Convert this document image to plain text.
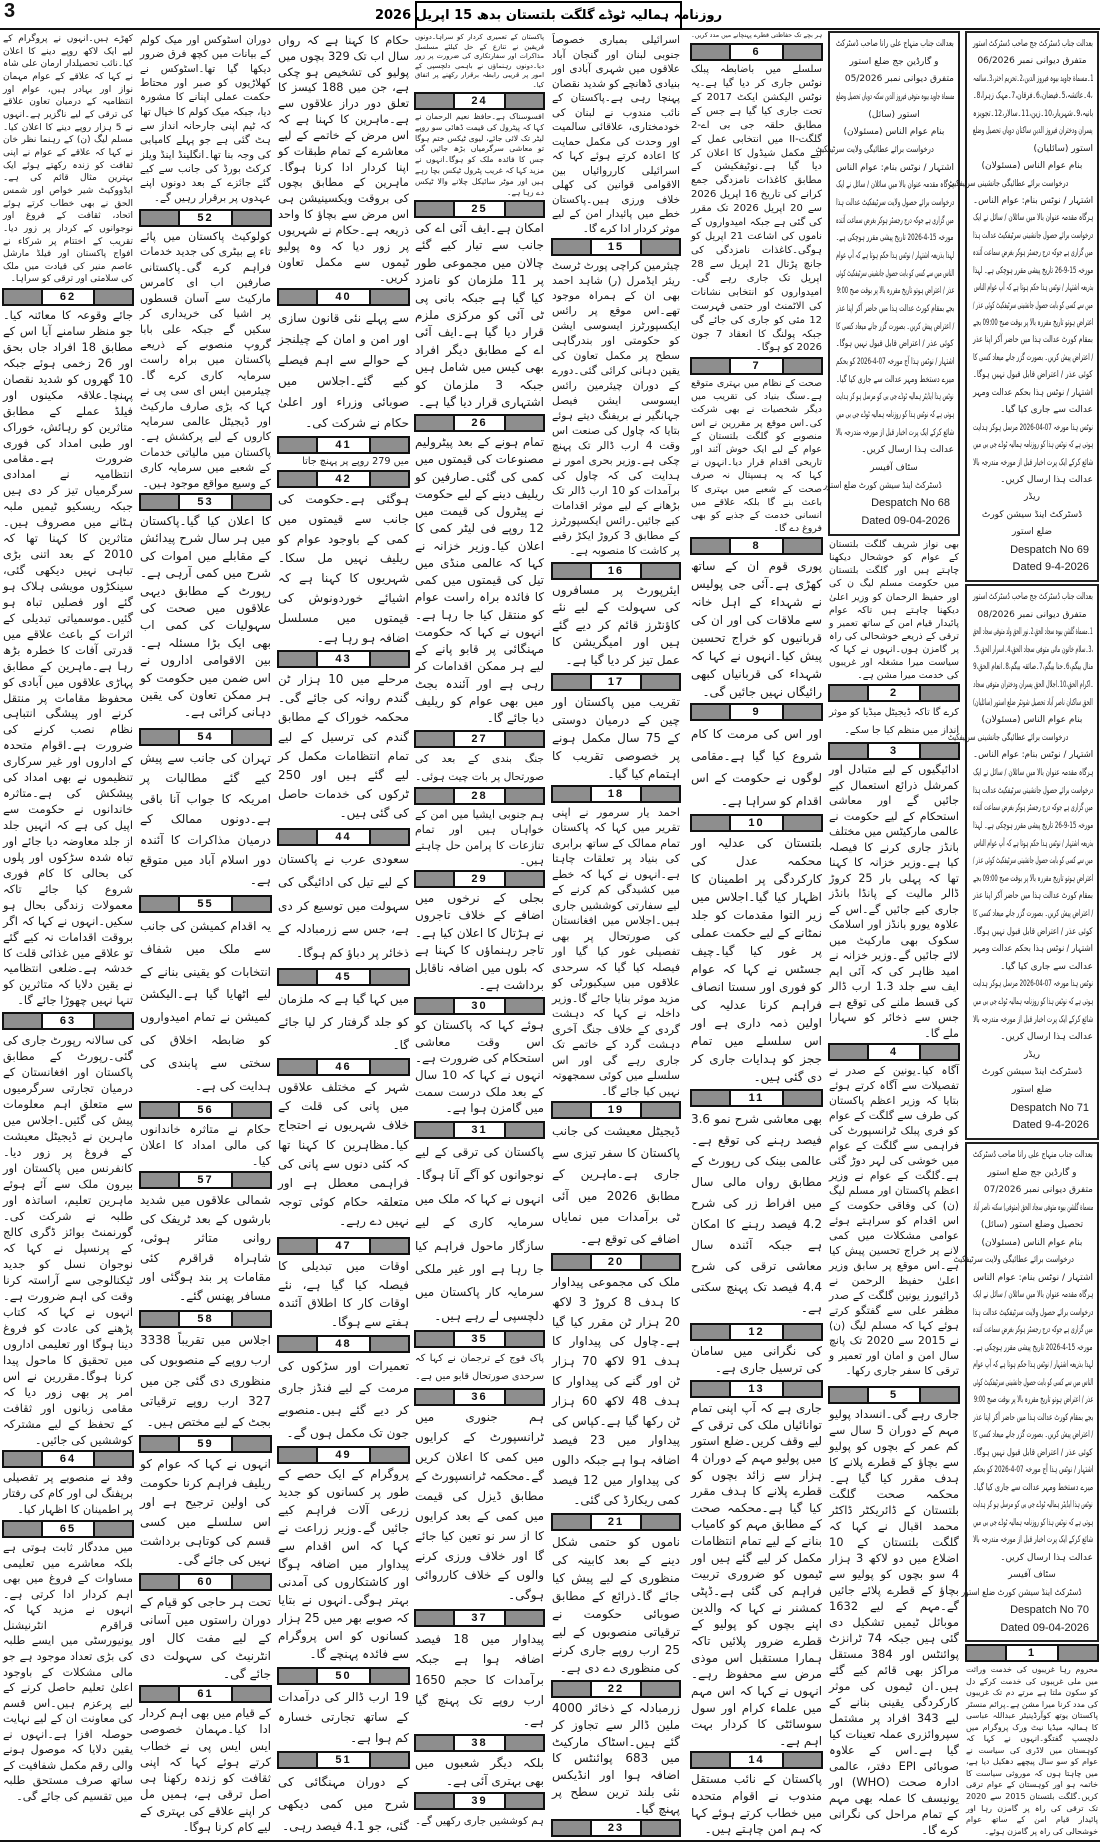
3	روزنامہ ہمالیہ ٹوڈے گلگت بلتستان بدھ 15 اپریل 2026

کھڑے ہیں۔انہوں نے پروگرام کے لیے ایک لاکھ روپے دینے کا اعلان کیا۔نائب تحصیلدار ارمان علی شاہ نے کہا کہ علاقے کے عوام مہمان نواز اور بہادر ہیں، عوام اور انتظامیہ کے درمیان تعاون علاقے کی ترقی کے لیے ناگزیر ہے۔انہوں نے 5 ہزار روپے دینے کا اعلان کیا۔مسلم لیگ (ن) کے رہنما نظر خان نے کہا کہ علاقے کے عوام نے اپنی ثقافت کو زندہ رکھتے ہوئے ایک بہترین مثال قائم کی ہے۔ایڈووکیٹ شیر خواص اور شمس الحق نے بھی خطاب کرتے ہوئے اتحاد، ثقافت کے فروغ اور نوجوانوں کے کردار پر زور دیا۔تقریب کے اختتام پر شرکاء نے افواج پاکستان اور فیلڈ مارشل عاصم منیر کی قیادت میں ملک کی سلامتی اور ترقی کو سراہا۔

62

جائے وقوعہ کا معائنہ کیا۔جو منظر سامنے آیا اس کے مطابق 18 افراد جاں بحق اور 26 زخمی ہوئے جبکہ 10 گھروں کو شدید نقصان پہنچا۔علاقہ مکینوں اور فیلڈ عملے کے مطابق متاثرین کو رہائش، خوراک اور طبی امداد کی فوری ضرورت ہے۔مقامی انتظامیہ نے امدادی سرگرمیاں تیز کر دی ہیں جبکہ ریسکیو ٹیمیں ملبہ ہٹانے میں مصروف ہیں۔متاثرین کا کہنا تھا کہ 2010 کے بعد اتنی بڑی تباہی نہیں دیکھی گئی، سینکڑوں مویشی ہلاک ہو گئے اور فصلیں تباہ ہو گئیں۔موسمیاتی تبدیلی کے اثرات کے باعث علاقے میں قدرتی آفات کا خطرہ بڑھ رہا ہے۔ماہرین کے مطابق پہاڑی علاقوں میں آبادی کو محفوظ مقامات پر منتقل کرنے اور پیشگی انتباہی نظام نصب کرنے کی ضرورت ہے۔اقوام متحدہ کے اداروں اور غیر سرکاری تنظیموں نے بھی امداد کی پیشکش کی ہے۔متاثرہ خاندانوں نے حکومت سے اپیل کی ہے کہ انہیں جلد از جلد معاوضہ دیا جائے اور تباہ شدہ سڑکوں اور پلوں کی بحالی کا کام فوری شروع کیا جائے تاکہ معمولات زندگی بحال ہو سکیں۔انہوں نے کہا کہ اگر بروقت اقدامات نہ کیے گئے تو علاقے میں غذائی قلت کا خدشہ ہے۔ضلعی انتظامیہ نے یقین دلایا کہ متاثرین کو تنہا نہیں چھوڑا جائے گا۔

63

کی سالانہ رپورٹ جاری کی گئی۔رپورٹ کے مطابق پاکستان اور افغانستان کے درمیان تجارتی سرگرمیوں سے متعلق اہم معلومات پیش کی گئیں۔اجلاس میں ماہرین نے ڈیجیٹل معیشت کے فروغ پر زور دیا۔کانفرنس میں پاکستان اور بیرون ملک سے آئے ہوئے ماہرین تعلیم، اساتذہ اور طلبہ نے شرکت کی۔گورنمنٹ بوائز ڈگری کالج کے پرنسپل نے کہا کہ نوجوان نسل کو جدید ٹیکنالوجی سے آراستہ کرنا وقت کی اہم ضرورت ہے۔انہوں نے کہا کہ کتاب پڑھنے کی عادت کو فروغ دینا ہوگا اور تعلیمی اداروں میں تحقیق کا ماحول پیدا کرنا ہوگا۔مقررین نے اس امر پر بھی زور دیا کہ مقامی زبانوں اور ثقافت کے تحفظ کے لیے مشترکہ کوششیں کی جائیں۔

64

وفد نے منصوبے پر تفصیلی بریفنگ لی اور کام کی رفتار پر اطمینان کا اظہار کیا۔

65

میں مددگار ثابت ہوتی ہے بلکہ معاشرے میں تعلیمی مساوات کے فروغ میں بھی اہم کردار ادا کرتی ہے۔انہوں نے مزید کہا کہ قراقرم انٹرنیشنل یونیورسٹی میں ایسے طلبہ کی بڑی تعداد موجود ہے جو مالی مشکلات کے باوجود اعلیٰ تعلیم حاصل کرنے کے لیے پرعزم ہیں۔اس قسم کی معاونت ان کے لیے نہایت حوصلہ افزا ہے۔انہوں نے یقین دلایا کہ موصول ہونے والی رقم مکمل شفافیت کے ساتھ صرف مستحق طلبہ میں تقسیم کی جائے گی۔

دوران اسٹوکس اور میک کولم کے بیانات میں کچھ فرق ضرور دیکھا گیا تھا۔اسٹوکس نے کھلاڑیوں کو صبر اور محتاط حکمت عملی اپنانے کا مشورہ دیا، جبکہ میک کولم کا خیال تھا کہ ٹیم اپنی جارحانہ انداز سے ہٹ گئی ہے جو پہلے کامیابی کی وجہ بنا تھا۔انگلینڈ اینڈ ویلز کرکٹ بورڈ کی جانب سے کیے گئے جائزے کے بعد دونوں اپنے عہدوں پر برقرار رہیں گے۔

52

کولوکیٹ پاکستان میں پائے تاء پے بیٹری کی جدید خدمات فراہم کرے گی۔پاکستانی صارفین اب ای کامرس مارکیٹ سے آسان قسطوں پر اشیا کی خریداری کر سکیں گے جبکہ علی بابا گروپ منصوبے کے ذریعے پاکستان میں براہ راست سرمایہ کاری کرے گا۔چیئرمین ایس ای سی پی نے کہا کہ بڑی صارف مارکیٹ اور ڈیجیٹل عالمی سرمایہ کاروں کے لیے پرکشش ہے۔پاکستان میں مالیاتی خدمات کے شعبے میں سرمایہ کاری کے وسیع مواقع موجود ہیں۔

53

کا اعلان کیا گیا۔پاکستان میں ہر سال شرح پیدائش کے مقابلے میں اموات کی شرح میں کمی آرہی ہے۔رپورٹ کے مطابق دیہی علاقوں میں صحت کی سہولیات کی کمی اب بھی ایک بڑا مسئلہ ہے۔بین الاقوامی اداروں نے اس ضمن میں حکومت کو ہر ممکن تعاون کی یقین دہانی کرائی ہے۔

54

تہران کی جانب سے پیش کیے گئے مطالبات پر امریکہ کا جواب آنا باقی ہے۔دونوں ممالک کے درمیان مذاکرات کا آئندہ دور اسلام آباد میں متوقع ہے۔

55

یہ اقدام کمیشن کی جانب سے ملک میں شفاف انتخابات کو یقینی بنانے کے لیے اٹھایا گیا ہے۔الیکشن کمیشن نے تمام امیدواروں کو ضابطہ اخلاق کی سختی سے پابندی کی ہدایت کی ہے۔

56

حکام نے متاثرہ خاندانوں کی مالی امداد کا اعلان کیا۔

57

شمالی علاقوں میں شدید بارشوں کے بعد ٹریفک کی روانی متاثر ہوئی، شاہراہ قراقرم کئی مقامات پر بند ہوگئی اور مسافر پھنس گئے۔

58

اجلاس میں تقریباً 3338 ارب روپے کے منصوبوں کی منظوری دی گئی جن میں 327 ارب روپے ترقیاتی بجٹ کے لیے مختص ہیں۔

59

انہوں نے کہا کہ عوام کو ریلیف فراہم کرنا حکومت کی اولین ترجیح ہے اور اس سلسلے میں کسی قسم کی کوتاہی برداشت نہیں کی جائے گی۔

60

تحت ہر حاجی کو قیام کے دوران راستوں میں آسانی کے لیے مفت کال اور انٹرنیٹ کی سہولت دی جائے گی۔

61

کے قیام میں بھی اہم کردار ادا کیا۔مہمان خصوصی ایس ایس پی نے خطاب کرتے ہوئے کہا کہ اپنی ثقافت کو زندہ رکھنا ہی اصل ترقی ہے، ہمیں مل کر اپنے علاقے کی بہتری کے لیے کام کرنا ہوگا۔

حکام کا کہنا ہے کہ رواں سال اب تک 329 بچوں میں پولیو کی تشخیص ہو چکی ہے، جن میں 188 کیسز کا تعلق دور دراز علاقوں سے ہے۔ماہرین کا کہنا ہے کہ اس مرض کے خاتمے کے لیے معاشرے کے تمام طبقات کو اپنا کردار ادا کرنا ہوگا۔ماہرین کے مطابق بچوں کی بروقت ویکسینیشن ہی اس مرض سے بچاؤ کا واحد ذریعہ ہے۔حکام نے شہریوں پر زور دیا کہ وہ پولیو ٹیموں سے مکمل تعاون کریں۔

40

سے پہلے نئی قانون سازی اور امن و امان کے چیلنجز کے حوالے سے اہم فیصلے کیے گئے۔اجلاس میں صوبائی وزراء اور اعلیٰ حکام نے شرکت کی۔

41

میں 279 روپے پر پہنچ جاتا

42

ہوگئی ہے۔حکومت کی جانب سے قیمتوں میں کمی کے باوجود عوام کو ریلیف نہیں مل سکا۔شہریوں کا کہنا ہے کہ اشیائے خوردونوش کی قیمتوں میں مسلسل اضافہ ہو رہا ہے۔

43

مرحلے میں 10 ہزار ٹن گندم روانہ کی جائے گی۔محکمہ خوراک کے مطابق گندم کی ترسیل کے لیے تمام انتظامات مکمل کر لیے گئے ہیں اور 250 ٹرکوں کی خدمات حاصل کی گئی ہیں۔

44

سعودی عرب نے پاکستان کے لیے تیل کی ادائیگی کی سہولت میں توسیع کر دی ہے، جس سے زرمبادلہ کے ذخائر پر دباؤ کم ہوگا۔

45

میں کہا گیا ہے کہ ملزمان کو جلد گرفتار کر لیا جائے گا۔

46

شہر کے مختلف علاقوں میں پانی کی قلت کے خلاف شہریوں نے احتجاج کیا۔مظاہرین کا کہنا تھا کہ کئی دنوں سے پانی کی فراہمی معطل ہے اور متعلقہ حکام کوئی توجہ نہیں دے رہے۔

47

اوقات میں تبدیلی کا فیصلہ کیا گیا ہے، نئے اوقات کار کا اطلاق آئندہ ہفتے سے ہوگا۔

48

تعمیرات اور سڑکوں کی مرمت کے لیے فنڈز جاری کر دیے گئے ہیں۔منصوبے جون تک مکمل ہوں گے۔

49

پروگرام کے ایک حصے کے طور پر کسانوں کو جدید زرعی آلات فراہم کیے جائیں گے۔وزیر زراعت نے کہا کہ اس اقدام سے پیداوار میں اضافہ ہوگا اور کاشتکاروں کی آمدنی بہتر ہوگی۔انہوں نے بتایا کہ صوبے بھر میں 25 ہزار کسانوں کو اس پروگرام سے فائدہ پہنچے گا۔

50

19 ارب ڈالر کی درآمدات کے ساتھ تجارتی خسارہ کم ہوا ہے۔

51

کے دوران مہنگائی کی شرح میں کمی دیکھی گئی، جو 4.1 فیصد رہی۔

پاکستان کے تعمیری کردار کو سراہا۔دونوں فریقین نے تنازع کے حل کیلئے مسلسل مذاکرات اور سفارتکاری کی ضرورت پر زور دیا۔دونوں رہنماؤں نے باہمی دلچسپی کے امور پر قریبی رابطہ برقرار رکھنے پر اتفاق کیا۔

24

افسوسناک ہے۔حافظ نعیم الرحمان نے کہا کہ پیٹرول کی قیمت ڈھائی سو روپے لیٹر تک لائی جائے، لیوی ٹیکس ختم ہوگا تو معاشی سرگرمیاں بڑھ جائیں گی جس کا فائدہ ملک کو ہوگا۔انہوں نے مزید کہا کہ غریب پٹرول ٹیکس بچا رہے ہیں اور موٹر سائیکل چلانے والا ٹیکس دے رہا ہے۔

25

امکان ہے۔ایف آئی اے کی جانب سے تیار کیے گئے چالان میں مجموعی طور پر 11 ملزمان کو نامزد کیا گیا ہے جبکہ بانی پی ٹی آئی کو مرکزی ملزم قرار دیا گیا ہے۔ایف آئی اے کے مطابق دیگر افراد بھی کیس میں شامل ہیں جبکہ 3 ملزمان کو اشتہاری قرار دیا گیا ہے۔

26

تمام ہونے کے بعد پیٹرولیم مصنوعات کی قیمتوں میں کمی کی گئی۔صارفین کو ریلیف دینے کے لیے حکومت نے پیٹرول کی قیمت میں 12 روپے فی لیٹر کمی کا اعلان کیا۔وزیر خزانہ نے کہا کہ عالمی منڈی میں تیل کی قیمتوں میں کمی کا فائدہ براہ راست عوام کو منتقل کیا جا رہا ہے۔انہوں نے کہا کہ حکومت مہنگائی پر قابو پانے کے لیے ہر ممکن اقدامات کر رہی ہے اور آئندہ بجٹ میں بھی عوام کو ریلیف دیا جائے گا۔

27

جنگ بندی کے بعد کی صورتحال پر بات چیت ہوئی۔

28

ہم جنوبی ایشیا میں امن کے خواہاں ہیں اور تمام تنازعات کا پرامن حل چاہتے ہیں۔

29

بجلی کے نرخوں میں اضافے کے خلاف تاجروں نے ہڑتال کا اعلان کیا ہے۔تاجر رہنماؤں کا کہنا ہے کہ بلوں میں اضافہ ناقابل برداشت ہے۔

30

ہوئے کہا کہ پاکستان کو اس وقت معاشی استحکام کی ضرورت ہے۔انہوں نے کہا کہ 10 سال کے بعد ملک درست سمت میں گامزن ہوا ہے۔

31

پاکستان کی ترقی کے لیے نوجوانوں کو آگے آنا ہوگا۔انہوں نے کہا کہ ملک میں سرمایہ کاری کے لیے سازگار ماحول فراہم کیا جا رہا ہے اور غیر ملکی سرمایہ کار پاکستان میں دلچسپی لے رہے ہیں۔

35

پاک فوج کے ترجمان نے کہا کہ سرحدی صورتحال قابو میں ہے۔

36

ہم جنوری میں ٹرانسپورٹ کے کرایوں میں کمی کا اعلان کریں گے۔محکمہ ٹرانسپورٹ کے مطابق ڈیزل کی قیمت میں کمی کے بعد کرایوں کا از سر نو تعین کیا جائے گا اور خلاف ورزی کرنے والوں کے خلاف کارروائی ہوگی۔

37

پیداوار میں 18 فیصد اضافہ ہوا ہے جبکہ برآمدات کا حجم 1650 ارب روپے تک پہنچ گیا ہے۔

38

بلکہ دیگر شعبوں میں بھی بہتری آئی ہے۔

39

ہم کوششیں جاری رکھیں گے۔

اسرائیلی بمباری خصوصاً جنوبی لبنان اور گنجان آباد علاقوں میں شہری آبادی اور بنیادی ڈھانچے کو شدید نقصان پہنچا رہی ہے۔پاکستان کے نائب مندوب نے لبنان کی خودمختاری، علاقائی سالمیت اور وحدت کی مکمل حمایت کا اعادہ کرتے ہوئے کہا کہ اسرائیلی کارروائیاں بین الاقوامی قوانین کی کھلی خلاف ورزی ہیں۔پاکستان خطے میں پائیدار امن کے لیے موثر کردار ادا کرے گا۔

15

چیئرمین کراچی پورٹ ٹرسٹ ریئر ایڈمرل (ر) شاہد احمد بھی ان کے ہمراہ موجود تھے۔اس موقع پر رائس ایکسپورٹرز ایسوسی ایشن کو حکومتی اور بندرگاہی سطح پر مکمل تعاون کی یقین دہانی کرائی گئی۔دورے کے دوران چیئرمین رائس ایسوسی ایشن فیصل جہانگیر نے بریفنگ دیتے ہوئے بتایا کہ چاول کی صنعت اس وقت 4 ارب ڈالر تک پہنچ چکی ہے۔وزیر بحری امور نے ہدایت کی کہ چاول کی برآمدات کو 10 ارب ڈالر تک بڑھانے کے لیے موثر اقدامات کیے جائیں۔رائس ایکسپورٹرز کے مطابق 3 کروڑ ایکڑ رقبے پر کاشت کا منصوبہ ہے۔

16

ایئرپورٹ پر مسافروں کی سہولت کے لیے نئے کاؤنٹرز قائم کر دیے گئے ہیں اور امیگریشن کا عمل تیز کر دیا گیا ہے۔

17

تقریب میں پاکستان اور چین کے درمیان دوستی کے 75 سال مکمل ہونے پر خصوصی تقریب کا اہتمام کیا گیا۔

18

احمد یار سرمور نے اپنی تقریر میں کہا کہ پاکستان تمام ممالک کے ساتھ برابری کی بنیاد پر تعلقات چاہتا ہے۔انہوں نے کہا کہ خطے میں کشیدگی کم کرنے کے لیے سفارتی کوششیں جاری ہیں۔اجلاس میں افغانستان کی صورتحال پر بھی تفصیلی غور کیا گیا اور فیصلہ کیا گیا کہ سرحدی علاقوں میں سیکیورٹی کو مزید موثر بنایا جائے گا۔وزیر داخلہ نے کہا کہ دہشت گردی کے خلاف جنگ آخری دہشت گرد کے خاتمے تک جاری رہے گی اور اس سلسلے میں کوئی سمجھوتہ نہیں کیا جائے گا۔

19

ڈیجیٹل معیشت کی جانب پاکستان کا سفر تیزی سے جاری ہے۔ماہرین کے مطابق 2026 میں آئی ٹی برآمدات میں نمایاں اضافے کی توقع ہے۔

20

ملک کی مجموعی پیداوار کا ہدف 8 کروڑ 3 لاکھ 20 ہزار ٹن مقرر کیا گیا ہے۔چاول کی پیداوار کا ہدف 91 لاکھ 70 ہزار ٹن اور گنے کی پیداوار کا ہدف 48 لاکھ 60 ہزار ٹن رکھا گیا ہے۔کپاس کی پیداوار میں 23 فیصد اضافہ ہوا ہے جبکہ دالوں کی پیداوار میں 12 فیصد کمی ریکارڈ کی گئی۔

21

ناموں کو حتمی شکل دینے کے بعد کابینہ کی منظوری کے لیے پیش کیا جائے گا۔ذرائع کے مطابق صوبائی حکومت نے ترقیاتی منصوبوں کے لیے 25 ارب روپے جاری کرنے کی منظوری دے دی ہے۔

22

زرمبادلہ کے ذخائر 4000 ملین ڈالر سے تجاوز کر گئے ہیں۔اسٹاک مارکیٹ میں 683 پوائنٹس کا اضافہ ہوا اور انڈیکس نئی بلند ترین سطح پر پہنچ گیا۔

23

ہر بچے تک حفاظتی قطرے پہنچانے میں مدد کریں۔

6

سلسلے میں باضابطہ پبلک نوٹس جاری کر دیا گیا ہے۔یہ نوٹس الیکشن ایکٹ 2017 کے تحت جاری کیا گیا ہے جس کے مطابق حلقہ جی بی اے-2 گلگت-II میں انتخابی عمل کے لیے مکمل شیڈول کا اعلان کر دیا گیا ہے۔نوٹیفکیشن کے مطابق کاغذات نامزدگی جمع کرانے کی تاریخ 16 اپریل 2026 سے 20 اپریل 2026 تک مقرر کی گئی ہے جبکہ امیدواروں کے ناموں کی اشاعت 21 اپریل کو ہوگی۔کاغذات نامزدگی کی جانچ پڑتال 21 اپریل سے 28 اپریل تک جاری رہے گی۔امیدواروں کو انتخابی نشانات کی الاٹمنٹ اور حتمی فہرست 12 مئی کو جاری کی جائے گی جبکہ پولنگ کا انعقاد 7 جون 2026 کو ہوگا۔

7

صحت کے نظام میں بہتری متوقع ہے۔سنگ بنیاد کی تقریب میں دیگر شخصیات نے بھی شرکت کی۔اس موقع پر مقررین نے اس منصوبے کو گلگت بلتستان کے عوام کے لیے ایک خوش آئند اور تاریخی اقدام قرار دیا۔انہوں نے کہا کہ یہ ہسپتال نہ صرف صحت کے شعبے میں بہتری کا باعث بنے گا بلکہ علاقے میں انسانی خدمت کے جذبے کو بھی فروغ دے گا۔

8

پوری قوم ان کے ساتھ کھڑی ہے۔آئی جی پولیس نے شہداء کے اہل خانہ سے ملاقات کی اور ان کی قربانیوں کو خراج تحسین پیش کیا۔انہوں نے کہا کہ شہداء کی قربانیاں کبھی رائیگاں نہیں جائیں گی۔

9

اور اس کی مرمت کا کام شروع کیا گیا ہے۔مقامی لوگوں نے حکومت کے اس اقدام کو سراہا ہے۔

10

بلتستان کی عدلیہ اور محکمہ عدل کی کارکردگی پر اطمینان کا اظہار کیا گیا۔اجلاس میں زیر التوا مقدمات کو جلد نمٹانے کے لیے حکمت عملی پر غور کیا گیا۔چیف جسٹس نے کہا کہ عوام کو فوری اور سستا انصاف فراہم کرنا عدلیہ کی اولین ذمہ داری ہے اور اس سلسلے میں تمام ججز کو ہدایات جاری کر دی گئی ہیں۔

11

بھی معاشی شرح نمو 3.6 فیصد رہنے کی توقع ہے۔عالمی بینک کی رپورٹ کے مطابق رواں مالی سال میں افراط زر کی شرح 4.2 فیصد رہنے کا امکان ہے جبکہ آئندہ سال معاشی ترقی کی شرح 4.4 فیصد تک پہنچ سکتی ہے۔

12

کی نگرانی میں سامان کی ترسیل جاری ہے۔

13

جاری ہے کہ آپ اپنی تمام توانائیاں ملک کی ترقی کے لیے وقف کریں۔ضلع استور میں پولیو مہم کے دوران 4 ہزار سے زائد بچوں کو قطرے پلانے کا ہدف مقرر کیا گیا ہے۔محکمہ صحت کے مطابق مہم کو کامیاب بنانے کے لیے تمام انتظامات مکمل کر لیے گئے ہیں اور ٹیموں کو ضروری تربیت فراہم کی گئی ہے۔ڈپٹی کمشنر نے کہا کہ والدین اپنے بچوں کو پولیو کے قطرے ضرور پلائیں تاکہ ہمارا مستقبل اس موذی مرض سے محفوظ رہے۔انہوں نے کہا کہ اس مہم میں علماء کرام اور سول سوسائٹی کا کردار بہت اہم ہے۔

14

پاکستان کے نائب مستقل مندوب نے اقوام متحدہ میں خطاب کرتے ہوئے کہا کہ ہم امن چاہتے ہیں۔

بعدالت جناب منہاج علی رانا صاحب ڈسٹرکٹ
و گارڈین جج ضلع استور
متفرق دیوانی نمبر 05/2026
مسماة جاوید بیوہ متوفی فیروز الدین سکنہ دویاں تحصیل وضلع
استور (سائل)
بنام عوام الناس (مسئولان)
درخواست برائے عطائیگی ولایت سرٹیفکیٹ
اشتہار / نوٹس بنام: عوام الناس
ہرگاہ مقدمہ عنوان بالا میں سائلان / سائل نے ایک
درخواست برائے حصول ولایت سرٹیفکیٹ عدالت ہذا
میں گزاری ہے جوکہ درج رجسٹر ہوکر بغرض سماعت آئندہ
مورخہ 15-4-2026 تاریخ پیشی مقرر ہوچکی ہے۔
لہذا بذریعہ اشتہار / نوٹس ہذا حکم ہوتا ہے کہ آپ عوام
الناس میں سے کسی کو بابت حصول جانشینی سرٹیفکیٹ کوئی
عذر / اعتراض ہوتو تاریخ مقررہ بالا پر بوقت صبح 9:00
بجے بمقام کورٹ عدالت ہذا میں حاضر آکر اپنا عذر
/ اعتراض پیش کریں۔ بصورت گزر جانے میعاد کسی کا
کوئی عذر / اعتراض قابل قبول نہیں ہوگا۔
اشتہار / نوٹس ہذا آج مورخہ 07-4-2026 کو بحکم
میرے دستخط ومہر عدالت سے جاری کیا گیا۔
نوٹس ہذا ایڈیٹر ہمالیہ ٹوڈے جی بی کو مرسل ہو کر ہدایت
ہوتی ہے کہ نوٹس ہذا کو روزنامہ ہمالیہ ٹوڈے جی بی میں
شائع کرکے ایک پرت اخبار قبل از مورخہ مندرجہ بالا
عدالت ہذا ارسال کریں۔
سٹاف آفیسر
ڈسٹرکٹ اینڈ سیشن کورٹ ضلع استور
Despatch No 68
Dated 09-04-2026

بھی نواز شریف گلگت بلتستان کے عوام کو خوشحال دیکھنا چاہتے ہیں اور گلگت بلتستان میں حکومت مسلم لیگ ن کی اور حفیظ الرحمان کو وزیر اعلیٰ دیکھنا چاہتے ہیں تاکہ عوام پائیدار قیام امن کے ساتھ تعمیر و ترقی کے ذریعے خوشحالی کی راہ پر گامزن ہوں۔انہوں نے کہا کہ سیاست میرا مشغلہ اور غریبوں کی خدمت میرا مشن ہے۔

2

کرے گا تاکہ ڈیجیٹل میڈیا کو موثر انداز میں منظم کیا جا سکے۔

3

ادائیگیوں کے لیے متبادل اور کمرشل ذرائع استعمال کیے جائیں گے اور معاشی استحکام کے لیے حکومت نے عالمی مارکیٹس میں مختلف بانڈز جاری کرنے کا فیصلہ کیا ہے۔وزیر خزانہ کا کہنا تھا کہ پہلی بار 25 کروڑ ڈالر مالیت کے پانڈا بانڈز جاری کیے جائیں گے۔اس کے علاوہ یورو بانڈز اور اسلامک سکوک بھی مارکیٹ میں لائے جائیں گے۔وزیر خزانہ نے امید ظاہر کی کہ آئی ایم ایف سے جلد 1.3 ارب ڈالر کی قسط ملنے کی توقع ہے جس سے ذخائر کو سہارا ملے گا۔

4

آگاہ کیا۔یونین کے صدر نے تفصیلات سے آگاہ کرتے ہوئے بتایا کہ وزیر اعظم پاکستان کی طرف سے گلگت کے عوام کو فری پبلک ٹرانسپورٹ کی فراہمی سے گلگت کے عوام میں خوشی کی لہر دوڑ گئی ہے۔گلگت کے عوام نے وزیر اعظم پاکستان اور مسلم لیگ (ن) کی وفاقی حکومت کے اس اقدام کو سراہتے ہوئے عوامی مشکلات میں کمی لانے پر خراج تحسین پیش کیا ہے۔اس موقع پر سابق وزیر اعلیٰ حفیظ الرحمن نے ڈرائیورز یونین گلگت کے صدر مظفر علی سے گفتگو کرتے ہوئے کہا کہ مسلم لیگ (ن) نے 2015 سے 2020 تک پانچ سال امن و امان اور تعمیر و ترقی کا سفر جاری رکھا۔

5

جاری رہے گی۔انسداد پولیو مہم کے دوران 5 سال سے کم عمر کے بچوں کو پولیو سے بچاؤ کے قطرے پلانے کا ہدف مقرر کیا گیا ہے۔محکمہ صحت گلگت بلتستان کے ڈائریکٹر ڈاکٹر محمد اقبال نے کہا کہ گلگت بلتستان کے 10 اضلاع میں دو لاکھ 3 ہزار 4 سو بچوں کو پولیو سے بچاؤ کے قطرے پلائے جائیں گے۔مہم کے لیے 1632 موبائل ٹیمیں تشکیل دی گئی ہیں جبکہ 74 ٹرانزٹ پوائنٹس اور 384 مستقل مراکز بھی قائم کیے گئے ہیں۔ان ٹیموں کی موثر کارکردگی یقینی بنانے کے لیے 343 افراد پر مشتمل سپروائزری عملہ تعینات کیا گیا ہے۔اس کے علاوہ صوبائی EPI دفتر، عالمی ادارہ صحت (WHO) اور یونیسف کا عملہ بھی مہم کے تمام مراحل کی نگرانی کرے گا۔

بعدالت جناب ڈسٹرکٹ جج صاحب ڈسٹرکٹ استور
متفرق دیوانی نمبر 06/2026
1۔مسماة جاوید بیوہ فیروز الدین،2۔تحریم اختر،3۔سائمہ
،4۔عائشہ،5۔فیضان،6۔فرقان،7۔مہک زہرا،8۔
بانیہ،9۔شہریار،10۔زین،11۔سالار،12۔تجویزہ
پسران ودختران فیروز الدین ساکنان دویاں تحصیل وضلع
استور (سائلیان)
بنام عوام الناس (مسئولان)
درخواست برائے عطائیگی جانشینی سرٹیفکیٹ
اشتہار / نوٹس بنام: عوام الناس۔
ہرگاہ مقدمہ عنوان بالا میں سائلان / سائل نے ایک
درخواست برائے حصول جانشینی سرٹیفکیٹ عدالت ہذا
میں گزاری ہے جوکہ درج رجسٹر ہوکر بغرض سماعت آئندہ
مورخہ 15-9-26 تاریخ پیشی مقرر ہوچکی ہے۔ لہذا
بذریعہ اشتہار / نوٹس ہذا حکم ہوتا ہے کہ آپ عوام الناس
میں سے کسی کو بابت حصول جانشینی سرٹیفکیٹ کوئی عذر /
اعتراض ہوتو تاریخ مقررہ بالا پر بوقت صبح 09:00 بجے
بمقام کورٹ عدالت ہذا میں حاضر آکر اپنا عذر
/ اعتراض پیش کریں۔ بصورت گزر جانے میعاد کسی کا
کوئی عذر / اعتراض قابل قبول نہیں ہوگا۔
اشتہار / نوٹس ہذا بحکم عدالت ومہر
عدالت سے جاری کیا گیا۔
نوٹس ہذا مورخہ 07-04-2026 مرسل ہوکر ہدایت
ہوتی ہے کہ نوٹس ہذا کو روزنامہ ہمالیہ ٹوڈے جی بی میں
شائع کرکے ایک پرت اخبار قبل از مورخہ مندرجہ بالا
عدالت ہذا ارسال کریں۔
ریڈر
ڈسٹرکٹ اینڈ سیشن کورٹ
ضلع استور
Despatch No 69
Dated 9-4-2026
بعدالت جناب ڈسٹرکٹ جج صاحب ڈسٹرکٹ استور
متفرق دیوانی نمبر 08/2026
1۔مسماة گلشن بیوہ سجاد الحق،2۔نور الحق ولد متوفی سجاد الحق
،3۔سلام خاتون مائی متوفی سجاد الحق،4۔اسرار الحق،5۔
منال بیگم،6۔حنا بیگم،7۔صائقہ بیگم،8۔انعام الحق،9
۔اکرام الحق،10۔اجلال الحق پسران ودختران متوفی سجاد
الحق ساکنان ناصر آباد تحصیل شونٹر ضلع استور (سائلیان)
بنام عوام الناس (مسئولان)
درخواست برائے عطائیگی جانشینی سرٹیفکیٹ
اشتہار / نوٹس بنام: عوام الناس۔
ہرگاہ مقدمہ عنوان بالا میں سائلان / سائل نے ایک
درخواست برائے حصول جانشینی سرٹیفکیٹ عدالت ہذا
میں گزاری ہے جوکہ درج رجسٹر ہوکر بغرض سماعت آئندہ
مورخہ 15-9-26 تاریخ پیشی مقرر ہوچکی ہے۔ لہذا
بذریعہ اشتہار / نوٹس ہذا حکم ہوتا ہے کہ آپ عوام الناس
میں سے کسی کو بابت حصول جانشینی سرٹیفکیٹ کوئی عذر /
اعتراض ہوتو تاریخ مقررہ بالا پر بوقت صبح 09:00 بجے
بمقام کورٹ عدالت ہذا میں حاضر آکر اپنا عذر
/ اعتراض پیش کریں۔ بصورت گزر جانے میعاد کسی کا
کوئی عذر / اعتراض قابل قبول نہیں ہوگا۔
اشتہار / نوٹس ہذا بحکم عدالت ومہر
عدالت سے جاری کیا گیا۔
نوٹس ہذا مورخہ 07-04-2026 مرسل ہوکر ہدایت
ہوتی ہے کہ نوٹس ہذا کو روزنامہ ہمالیہ ٹوڈے جی بی میں
شائع کرکے ایک پرت اخبار قبل از مورخہ مندرجہ بالا
عدالت ہذا ارسال کریں۔
ریڈر
ڈسٹرکٹ اینڈ سیشن کورٹ
ضلع استور
Despatch No 71
Dated 9-4-2026
بعدالت جناب منہاج علی رانا صاحب ڈسٹرکٹ
و گارڈین جج ضلع استور
متفرق دیوانی نمبر 07/2026
مسماة گلشن بیوہ متوفی سجاد الحق (متوفی) سکنہ ناصر آباد
تحصیل وضلع استور (سائل)
بنام عوام الناس (مسئولان)
درخواست برائے عطائیگی ولایت سرٹیفکیٹ
اشتہار / نوٹس بنام: عوام الناس
ہرگاہ مقدمہ عنوان بالا میں سائلان / سائل نے ایک
درخواست برائے حصول ولایت سرٹیفکیٹ عدالت ہذا
میں گزاری ہے جوکہ درج رجسٹر ہوکر بغرض سماعت آئندہ
مورخہ 15-4-2026 تاریخ پیشی مقرر ہوچکی ہے۔
لہذا بذریعہ اشتہار / نوٹس ہذا حکم ہوتا ہے کہ آپ عوام
الناس میں سے کسی کو بابت حصول جانشینی سرٹیفکیٹ کوئی
عذر / اعتراض ہوتو تاریخ مقررہ بالا پر بوقت صبح 9:00
بجے بمقام کورٹ عدالت ہذا میں حاضر آکر اپنا عذر
/ اعتراض پیش کریں۔ بصورت گزر جانے میعاد کسی کا
کوئی عذر / اعتراض قابل قبول نہیں ہوگا۔
اشتہار / نوٹس ہذا آج مورخہ 07-4-2026 کو بحکم
میرے دستخط ومہر عدالت سے جاری کیا گیا۔
نوٹس ہذا ایڈیٹر ہمالیہ ٹوڈے جی بی کو مرسل ہو کر ہدایت
ہوتی ہے کہ نوٹس ہذا کو روزنامہ ہمالیہ ٹوڈے جی بی میں
شائع کرکے ایک پرت اخبار قبل از مورخہ مندرجہ بالا
عدالت ہذا ارسال کریں۔
سٹاف آفیسر
ڈسٹرکٹ اینڈ سیشن کورٹ ضلع استور
Despatch No 70
Dated 09-04-2026
1

محروم رہا غریبوں کی خدمت وراثت میں ملی غریبوں کی خدمت کرکے دل کو سکون ملتا ہے مرتے دم تک غریبوں کی مدد کرنا میرا مشن ہے۔پرائم منسٹر پاکستان یوتھ کوآرڈینیٹر عبداللہ عباسی کا ہمالیہ میڈیا نیٹ ورک پروگرام میں دلچسپ گفتگو۔انہوں نے کہا کہ کوہستان میں لاڈری کی سیاست نے عوام کو سو سال پیچھے دھکیل دیا ہے، میں چاہتا ہوں کہ موروثی سیاست کا خاتمہ ہو اور کوہستان کے عوام ترقی کریں۔گلگت بلتستان 2015 سے 2020 تک ترقی کی راہ پر گامزن رہا اور پائیدار قیام امن کے ساتھ عوام خوشحالی کی راہ پر گامزن ہوئے۔
